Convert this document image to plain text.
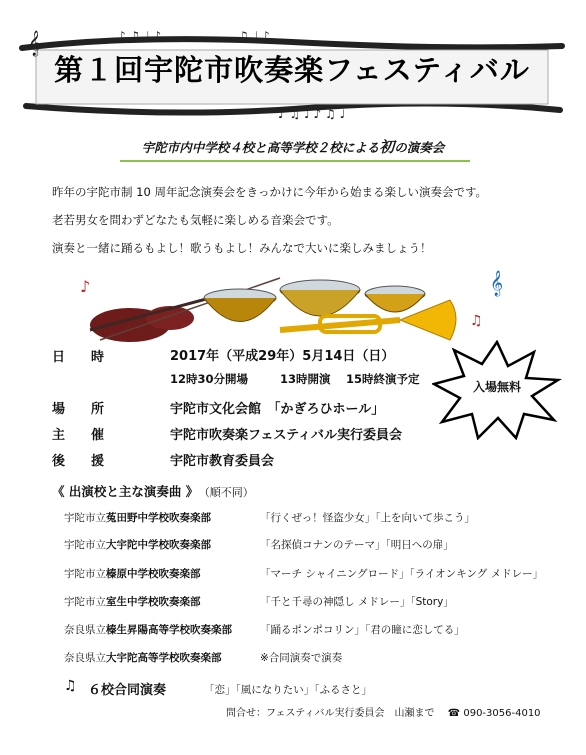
𝄞	♪ ♫ ♩ ♪	♫ ♩ ♪
♪ ♫ ♩ ♪ ♫ ♩
第１回宇陀市吹奏楽フェスティバル
宇陀市内中学校４校と高等学校２校による初の演奏会
昨年の宇陀市制 10 周年記念演奏会をきっかけに今年から始まる楽しい演奏会です。
老若男女を問わずどなたも気軽に楽しめる音楽会です。
演奏と一緒に踊るもよし！歌うもよし！みんなで大いに楽しみましょう！
♪	𝄞
♫
日　　時	2017年（平成29年）5月14日（日）
12時30分開場	13時開演 15時終演予定
場　　所	宇陀市文化会館　「かぎろひホール」
主　　催	宇陀市吹奏楽フェスティバル実行委員会
後　　援	宇陀市教育委員会
入場無料
《 出演校と主な演奏曲 》 （順不同）
宇陀市立菟田野中学校吹奏楽部	「行くぜっ！怪盗少女」「上を向いて歩こう」
宇陀市立大宇陀中学校吹奏楽部	「名探偵コナンのテーマ」「明日への扉」
宇陀市立榛原中学校吹奏楽部	「マーチ シャイニングロード」「ライオンキング メドレー」
宇陀市立室生中学校吹奏楽部	「千と千尋の神隠し メドレー」「Story」
奈良県立榛生昇陽高等学校吹奏楽部	「踊るポンポコリン」「君の瞳に恋してる」
奈良県立大宇陀高等学校吹奏楽部	※合同演奏で演奏
♫ ６校合同演奏	「恋」「風になりたい」「ふるさと」
問合せ：フェスティバル実行委員会　山瀬まで ☎ 090-3056-4010
